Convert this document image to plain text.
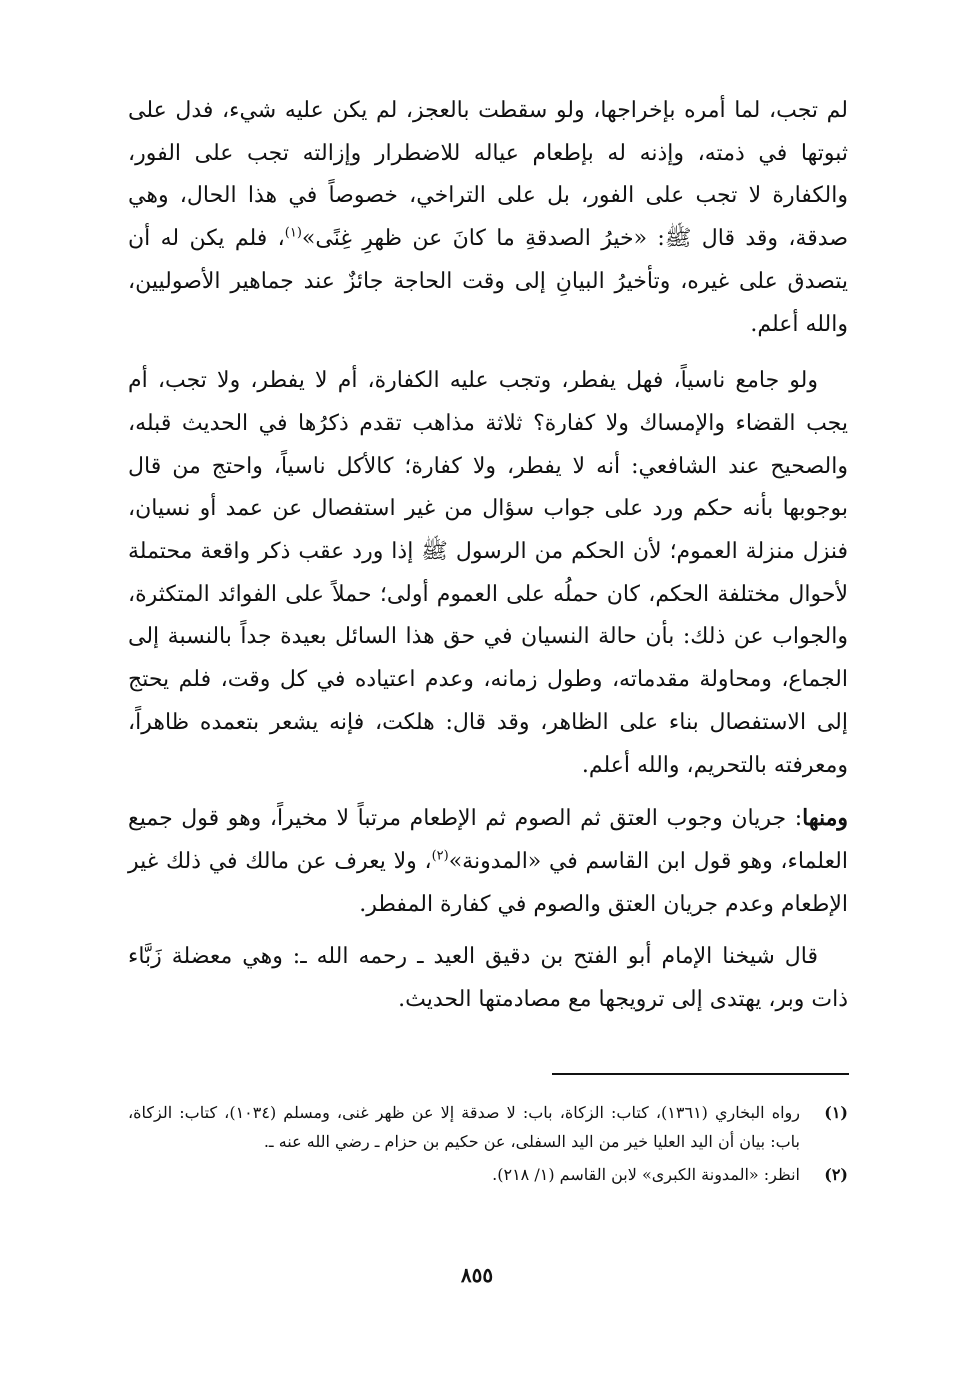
لم تجب، لما أمره بإخراجها، ولو سقطت بالعجز، لم يكن عليه شيء، فدل على ثبوتها في ذمته، وإذنه له بإطعام عياله للاضطرار وإزالته تجب على الفور، والكفارة لا تجب على الفور، بل على التراخي، خصوصاً في هذا الحال، وهي صدقة، وقد قال ﷺ: «خيرُ الصدقةِ ما كانَ عن ظهرِ غِنًى»$^{(١)}$، فلم يكن له أن يتصدق على غيره، وتأخيرُ البيانِ إلى وقت الحاجة جائزٌ عند جماهير الأصوليين، والله أعلم.

ولو جامع ناسياً، فهل يفطر، وتجب عليه الكفارة، أم لا يفطر، ولا تجب، أم يجب القضاء والإمساك ولا كفارة؟ ثلاثة مذاهب تقدم ذكرُها في الحديث قبله، والصحيح عند الشافعي: أنه لا يفطر، ولا كفارة؛ كالأكل ناسياً، واحتج من قال بوجوبها بأنه حكم ورد على جواب سؤال من غير استفصال عن عمد أو نسيان، فنزل منزلة العموم؛ لأن الحكم من الرسول ﷺ إذا ورد عقب ذكر واقعة محتملة لأحوال مختلفة الحكم، كان حملُه على العموم أولى؛ حملاً على الفوائد المتكثرة، والجواب عن ذلك: بأن حالة النسيان في حق هذا السائل بعيدة جداً بالنسبة إلى الجماع، ومحاولة مقدماته، وطول زمانه، وعدم اعتياده في كل وقت، فلم يحتج إلى الاستفصال بناء على الظاهر، وقد قال: هلكت، فإنه يشعر بتعمده ظاهراً، ومعرفته بالتحريم، والله أعلم.

ومنها: جريان وجوب العتق ثم الصوم ثم الإطعام مرتباً لا مخيراً، وهو قول جميع العلماء، وهو قول ابن القاسم في «المدونة»$^{(٢)}$، ولا يعرف عن مالك في ذلك غير الإطعام وعدم جريان العتق والصوم في كفارة المفطر.

قال شيخنا الإمام أبو الفتح بن دقيق العيد ـ رحمه الله ـ: وهي معضلة زَبَّاء ذات وبر، يهتدى إلى ترويجها مع مصادمتها الحديث.

(١)
رواه البخاري (١٣٦١)، كتاب: الزكاة، باب: لا صدقة إلا عن ظهر غنى، ومسلم (١٠٣٤)، كتاب: الزكاة، باب: بيان أن اليد العليا خير من اليد السفلى، عن حكيم بن حزام ـ رضي الله عنه ـ.
(٢)
انظر: «المدونة الكبرى» لابن القاسم (١/ ٢١٨).
٨٥٥
